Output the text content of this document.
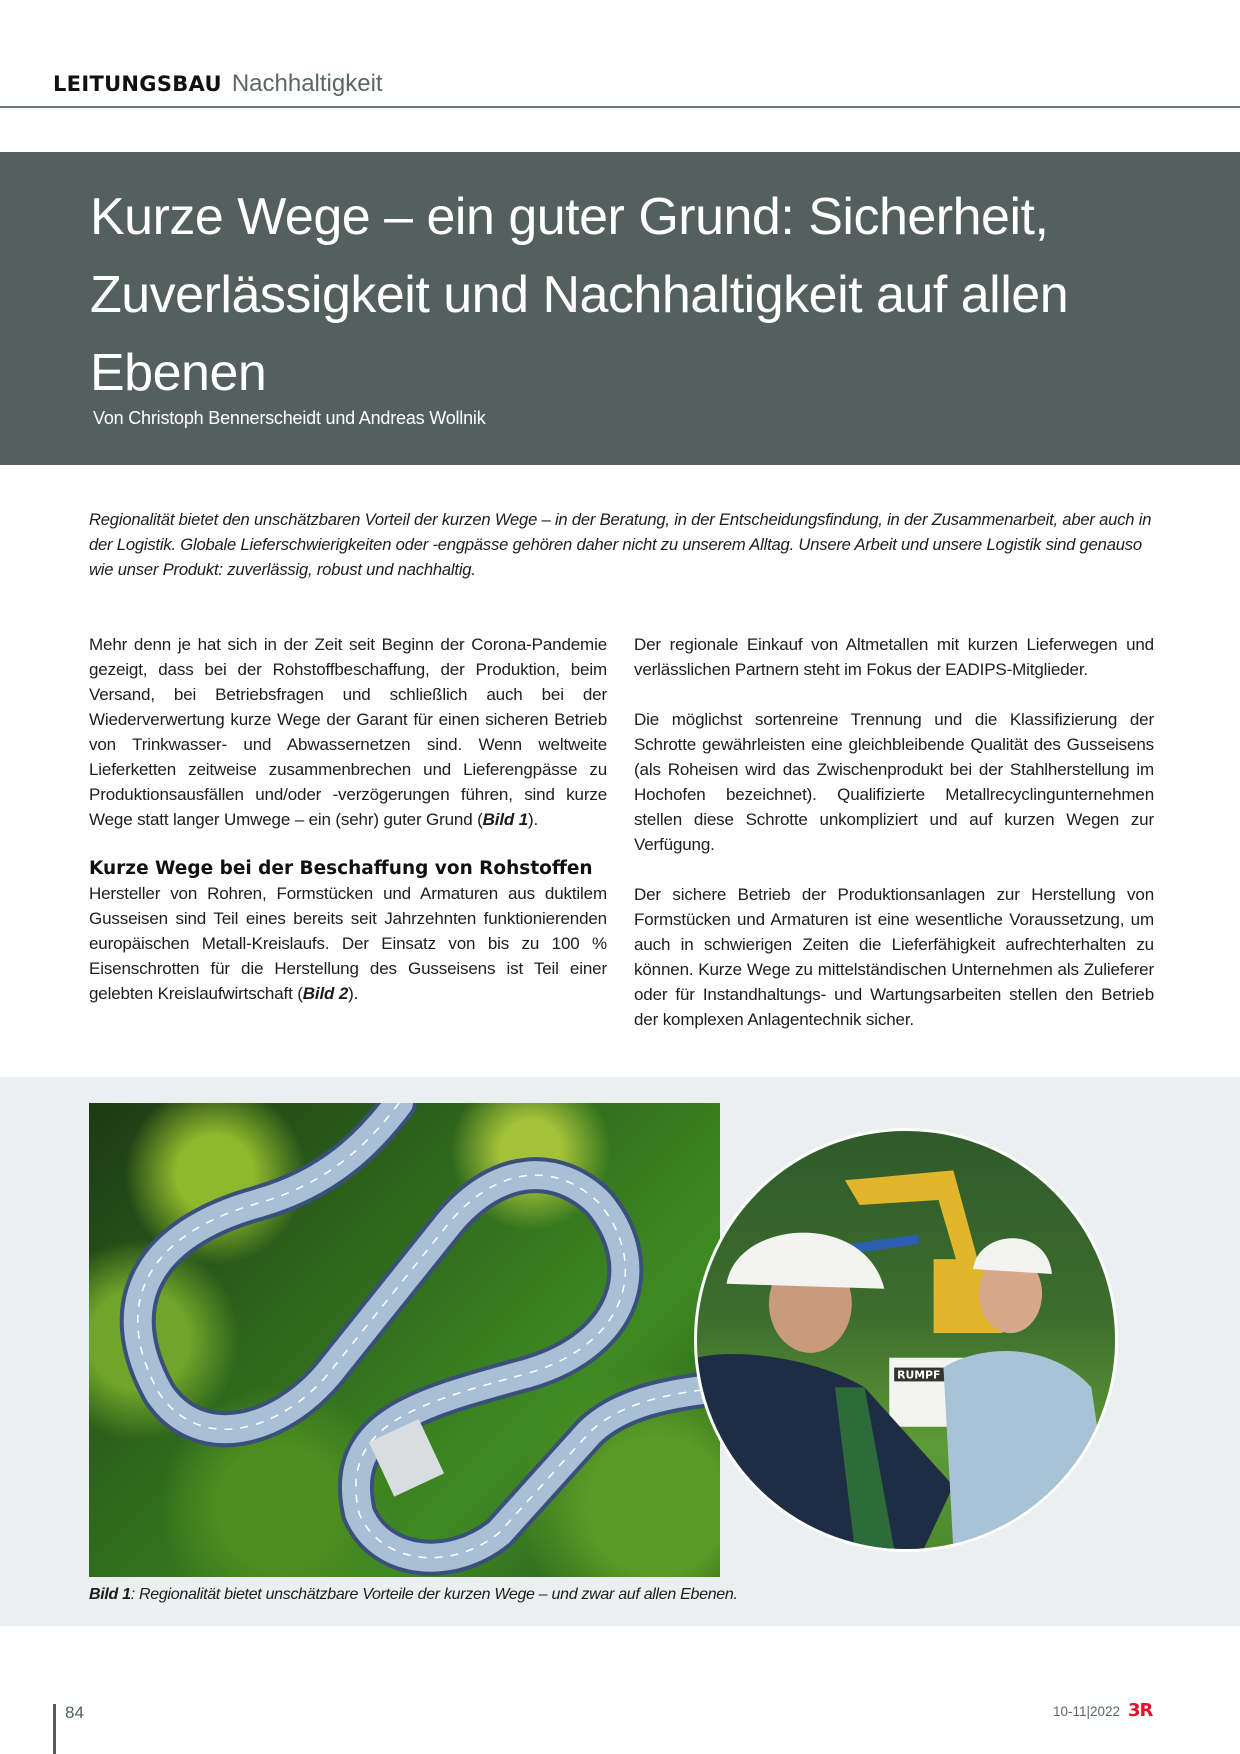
LEITUNGSBAU Nachhaltigkeit
Kurze Wege – ein guter Grund: Sicherheit, Zuverlässigkeit und Nachhaltigkeit auf allen Ebenen

Von Christoph Bennerscheidt und Andreas Wollnik

Regionalität bietet den unschätzbaren Vorteil der kurzen Wege – in der Beratung, in der Entscheidungsfindung, in der Zusammenarbeit, aber auch in der Logistik. Globale Lieferschwierigkeiten oder -engpässe gehören daher nicht zu unserem Alltag. Unsere Arbeit und unsere Logistik sind genauso wie unser Produkt: zuverlässig, robust und nachhaltig.

Mehr denn je hat sich in der Zeit seit Beginn der Corona-Pandemie gezeigt, dass bei der Rohstoffbeschaffung, der Produktion, beim Versand, bei Betriebsfragen und schließlich auch bei der Wiederverwertung kurze Wege der Garant für einen sicheren Betrieb von Trinkwasser- und Abwassernetzen sind. Wenn weltweite Lieferketten zeitweise zusammenbrechen und Lieferengpässe zu Produktionsausfällen und/oder -verzögerungen führen, sind kurze Wege statt langer Umwege – ein (sehr) guter Grund (Bild 1).

Kurze Wege bei der Beschaffung von Rohstoffen

Hersteller von Rohren, Formstücken und Armaturen aus duktilem Gusseisen sind Teil eines bereits seit Jahrzehnten funktionierenden europäischen Metall-Kreislaufs. Der Einsatz von bis zu 100 % Eisenschrotten für die Herstellung des Gusseisens ist Teil einer gelebten Kreislaufwirtschaft (Bild 2).

Der regionale Einkauf von Altmetallen mit kurzen Lieferwegen und verlässlichen Partnern steht im Fokus der EADIPS-Mitglieder.

Die möglichst sortenreine Trennung und die Klassifizierung der Schrotte gewährleisten eine gleichbleibende Qualität des Gusseisens (als Roheisen wird das Zwischenprodukt bei der Stahlherstellung im Hochofen bezeichnet). Qualifizierte Metallrecyclingunternehmen stellen diese Schrotte unkompliziert und auf kurzen Wegen zur Verfügung.

Der sichere Betrieb der Produktionsanlagen zur Herstellung von Formstücken und Armaturen ist eine wesentliche Voraussetzung, um auch in schwierigen Zeiten die Lieferfähigkeit aufrechterhalten zu können. Kurze Wege zu mittelständischen Unternehmen als Zulieferer oder für Instandhaltungs- und Wartungsarbeiten stellen den Betrieb der komplexen Anlagentechnik sicher.

RUMPF

Bild 1: Regionalität bietet unschätzbare Vorteile der kurzen Wege – und zwar auf allen Ebenen.

84	10-11|2022 3R
